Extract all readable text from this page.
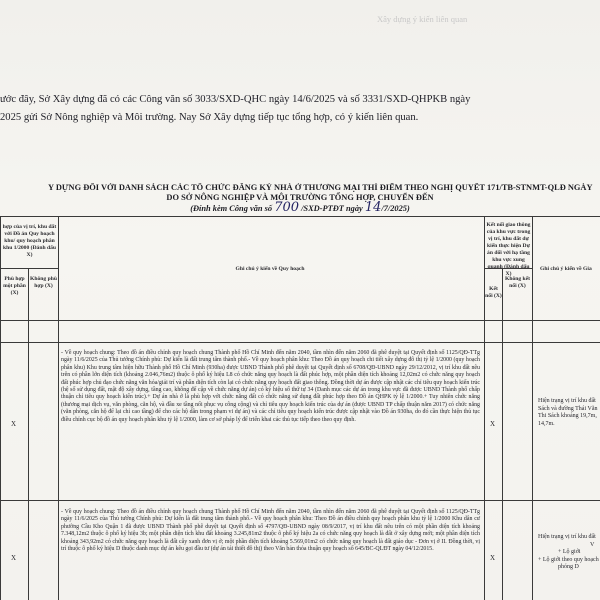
Xây dựng ý kiến liên quan
ước đây, Sở Xây dựng đã có các Công văn số 3033/SXD-QHC ngày 14/6/2025 và số 3331/SXD-QHPKB ngày
2025 gửi Sở Nông nghiệp và Môi trường. Nay Sở Xây dựng tiếp tục tổng hợp, có ý kiến liên quan.
Y DỰNG ĐỐI VỚI DANH SÁCH CÁC TỔ CHỨC ĐĂNG KÝ NHÀ Ở THƯƠNG MẠI THÍ ĐIỂM THEO NGHỊ QUYẾT 171/TB-STNMT-QLĐ NGÀY
DO SỞ NÔNG NGHIỆP VÀ MÔI TRƯỜNG TỔNG HỢP, CHUYỂN ĐẾN
(Đính kèm Công văn số 700 /SXD-PTĐT ngày 14/7/2025)
hợp của vị trí, khu đất với Đồ án Quy hoạch khu/ quy hoạch phân khu 1/2000 (Đánh dấu X)
Phù hợp một phần (X)
Không phù hợp (X)
Ghi chú ý kiến về Quy hoạch
Kết nối giao thông của khu vực trong vị trí, khu đất dự kiến thực hiện Dự án đối với hạ tầng khu vực xung quanh (Đánh dấu X)
Kết nối (X)
Không kết nối (X)
Ghi chú ý kiến về Gia
X
- Về quy hoạch chung: Theo đồ án điều chỉnh quy hoạch chung Thành phố Hồ Chí Minh đến năm 2040, tầm nhìn đến năm 2060 đã phê duyệt tại Quyết định số 1125/QĐ-TTg ngày 11/6/2025 của Thủ tướng Chính phủ: Dự kiến là đất trung tâm thành phố.- Về quy hoạch phân khu: Theo Đồ án quy hoạch chi tiết xây dựng đô thị tỷ lệ 1/2000 (quy hoạch phân khu) Khu trung tâm hiện hữu Thành phố Hồ Chí Minh (930ha) được UBND Thành phố phê duyệt tại Quyết định số 6708/QĐ-UBND ngày 29/12/2012, vị trí khu đất nêu trên có phần lớn diện tích (khoảng 2.046,76m2) thuộc ô phố ký hiệu L8 có chức năng quy hoạch là đất phúc hợp, một phần diện tích khoảng 12,02m2 có chức năng quy hoạch đất phúc hợp chủ đạo chức năng văn hóa/giải trí và phần diện tích còn lại có chức năng quy hoạch đất giao thông. Đồng thời dự án được cập nhật các chỉ tiêu quy hoạch kiến trúc (hệ số sử dụng đất, mật độ xây dựng, tầng cao, không để cập về chức năng dự án) có ký hiệu số thứ tự 34 (Danh mục các dự án trong khu vực đã được UBND Thành phố chấp thuận chỉ tiêu quy hoạch kiến trúc).+ Dự án nhà ở là phù hợp với chức năng đất có chức năng sử dụng đất phúc hợp theo Đồ án QHPK tỷ lệ 1/2000.+ Tuy nhiên chức năng (thương mại dịch vụ, văn phòng, căn hộ, và đầu xe tầng nổi phục vụ công cộng) và chỉ tiêu quy hoạch kiến trúc của dự án (được UBND TP chấp thuận năm 2017) có chức năng (văn phòng, căn hộ để lại chỉ cao tầng) để cho các hộ dân trong phạm vi dự án) và các chỉ tiêu quy hoạch kiến trúc được cập nhật vào Đồ án 930ha, do đó cần thực hiện thủ tục điều chỉnh cục bộ đồ án quy hoạch phân khu tỷ lệ 1/2000, làm cơ sở pháp lý để triển khai các thủ tục tiếp theo theo quy định.
X
Hiện trạng vị trí khu đất
Sách và đường Thái Văn
Thi Sách khoảng 19,7m,
14,7m.
X
- Về quy hoạch chung: Theo đồ án điều chỉnh quy hoạch chung Thành phố Hồ Chí Minh đến năm 2040, tầm nhìn đến năm 2060 đã phê duyệt tại Quyết định số 1125/QĐ-TTg ngày 11/6/2025 của Thủ tướng Chính phủ: Dự kiến là đất trung tâm thành phố.- Về quy hoạch phân khu: Theo Đồ án điều chỉnh quy hoạch phân khu tỷ lệ 1/2000 Khu dân cư phường Cầu Kho Quận 1 đã được UBND Thành phố phê duyệt tại Quyết định số 4797/QĐ-UBND ngày 08/9/2017, vị trí khu đất nêu trên có một phần diện tích khoảng 7.348,12m2 thuộc ô phố ký hiệu 3b; một phần diện tích khu đất khoảng 3.245,81m2 thuộc ô phố ký hiệu 2a có chức năng quy hoạch là đất ở xây dựng mới; một phần diện tích khoảng 343,92m2 có chức năng quy hoạch là đất cây xanh đơn vị ở; một phần diện tích khoảng 5.569,01m2 có chức năng quy hoạch là đất giáo dục - Đơn vị ở II. Đồng thời, vị trí thuộc ô phố ký hiệu D thuộc danh mục dự án kêu gọi đầu tư (dự án tái thiết đô thị) theo Văn bản thỏa thuận quy hoạch số 645/BC-QLĐT ngày 04/12/2015.
X
Hiện trạng vị trí khu đất
V
+ Lộ giới
+ Lộ giới theo quy hoạch
phóng D
